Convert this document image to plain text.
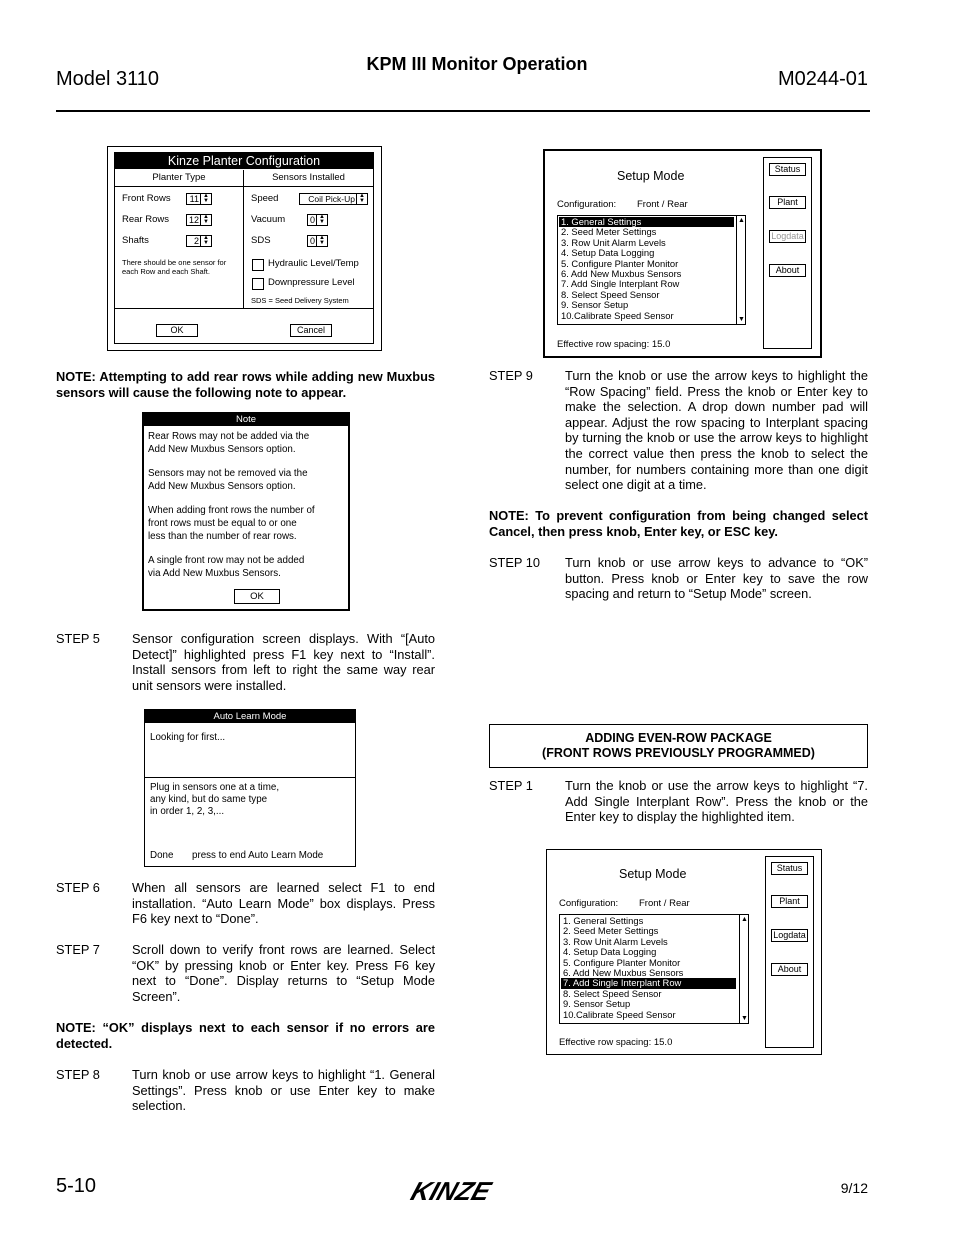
Model 3110
KPM III Monitor Operation
M0244-01
Kinze Planter Configuration
Planter Type	Sensors Installed
Front Rows	11 ▲
▼
Rear Rows	12 ▲
▼
Shafts	2 ▲
▼
There should be one sensor for each Row and each Shaft.
Speed	Coil Pick-Up ▲
▼
Vacuum	0 ▲
▼
SDS	0 ▲
▼
Hydraulic Level/Temp
Downpressure Level
SDS = Seed Delivery System
OK	Cancel
NOTE: Attempting to add rear rows while adding new Muxbus sensors will cause the following note to appear.
Note
Rear Rows may not be added via the
Add New Muxbus Sensors option.
Sensors may not be removed via the
Add New Muxbus Sensors option.
When adding front rows the number of
front rows must be equal to or one
less than the number of rear rows.
A single front row may not be added
via Add New Muxbus Sensors.
OK
STEP 5	Sensor configuration screen displays. With “[Auto Detect]” highlighted press F1 key next to “Install”. Install sensors from left to right the same way rear unit sensors were installed.
Auto Learn Mode
Looking for first...
Plug in sensors one at a time,
any kind, but do same type
in order 1, 2, 3,...
Done press to end Auto Learn Mode
STEP 6	When all sensors are learned select F1 to end installation. “Auto Learn Mode” box displays. Press F6 key next to “Done”.
STEP 7	Scroll down to verify front rows are learned. Select “OK” by pressing knob or Enter key. Press F6 key next to “Done”. Display returns to “Setup Mode Screen”.
NOTE: “OK” displays next to each sensor if no errors are detected.
STEP 8	Turn knob or use arrow keys to highlight “1. General Settings”. Press knob or use Enter key to make selection.
Setup Mode
Configuration: Front / Rear
1. General Settings
2. Seed Meter Settings
3. Row Unit Alarm Levels
4. Setup Data Logging
5. Configure Planter Monitor
6. Add New Muxbus Sensors
7. Add Single Interplant Row
8. Select Speed Sensor
9. Sensor Setup
10.Calibrate Speed Sensor
▲
▼
Effective row spacing: 15.0
Status
Plant
Logdata
About
STEP 9	Turn the knob or use the arrow keys to highlight the “Row Spacing” field. Press the knob or Enter key to make the selection. A drop down number pad will appear. Adjust the row spacing to Interplant spacing by turning the knob or use the arrow keys to highlight the correct value then press the knob to select the number, for numbers containing more than one digit select one digit at a time.
NOTE: To prevent configuration from being changed select Cancel, then press knob, Enter key, or ESC key.
STEP 10 Turn knob or use arrow keys to advance to “OK” button. Press knob or Enter key to save the row spacing and return to “Setup Mode” screen.
ADDING EVEN-ROW PACKAGE
(FRONT ROWS PREVIOUSLY PROGRAMMED)
STEP 1	Turn the knob or use the arrow keys to highlight “7. Add Single Interplant Row”. Press the knob or the Enter key to display the highlighted item.
Setup Mode
Configuration: Front / Rear
1. General Settings
2. Seed Meter Settings
3. Row Unit Alarm Levels
4. Setup Data Logging
5. Configure Planter Monitor
6. Add New Muxbus Sensors
7. Add Single Interplant Row
8. Select Speed Sensor
9. Sensor Setup
10.Calibrate Speed Sensor
▲
▼
Effective row spacing: 15.0
Status
Plant
Logdata
About
5-10	KINZE	9/12
